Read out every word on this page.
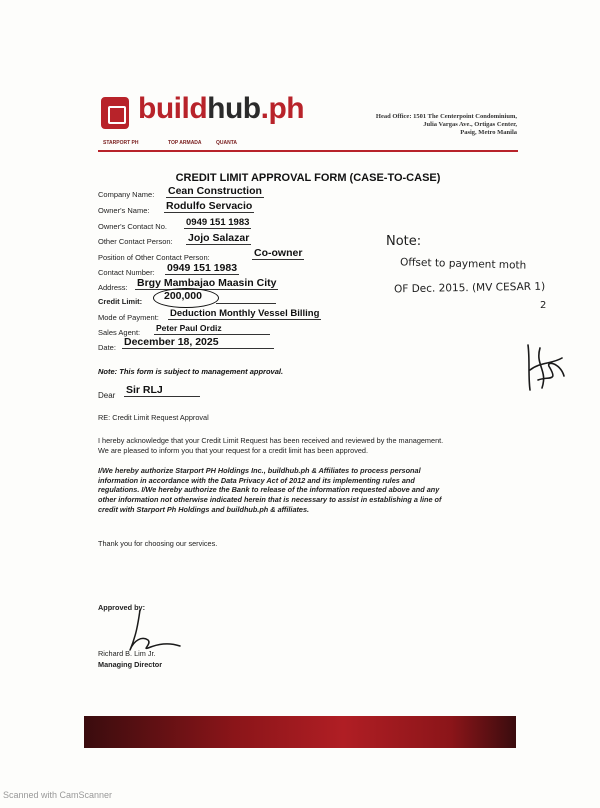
buildhub.ph
STARPORT PH	TOP ARMADA	QUANTA
Head Office: 1501 The Centerpoint Condominium,
Julia Vargas Ave., Ortigas Center,
Pasig, Metro Manila
CREDIT LIMIT APPROVAL FORM (CASE-TO-CASE)
Company Name: Cean Construction
Owner's Name: Rodulfo Servacio
Owner's Contact No. 0949 151 1983
Other Contact Person: Jojo Salazar
Position of Other Contact Person:	Co-owner
Contact Number: 0949 151 1983
Address: Brgy Mambajao Maasin City
Credit Limit: 200,000
Mode of Payment: Deduction Monthly Vessel Billing
Sales Agent: Peter Paul Ordiz
Date: December 18, 2025
Note:
Offset to payment moth
OF Dec. 2015. (MV CESAR 1)
2
Note: This form is subject to management approval.
Dear Sir RLJ
RE: Credit Limit Request Approval
I hereby acknowledge that your Credit Limit Request has been received and reviewed by the management.
We are pleased to inform you that your request for a credit limit has been approved.
I/We hereby authorize Starport PH Holdings Inc., buildhub.ph & Affiliates to process personal
information in accordance with the Data Privacy Act of 2012 and its implementing rules and
regulations. I/We hereby authorize the Bank to release of the information requested above and any
other information not otherwise indicated herein that is necessary to assist in establishing a line of
credit with Starport Ph Holdings and buildhub.ph & affiliates.
Thank you for choosing our services.
Approved by:
Richard B. Lim Jr.
Managing Director
Scanned with CamScanner
